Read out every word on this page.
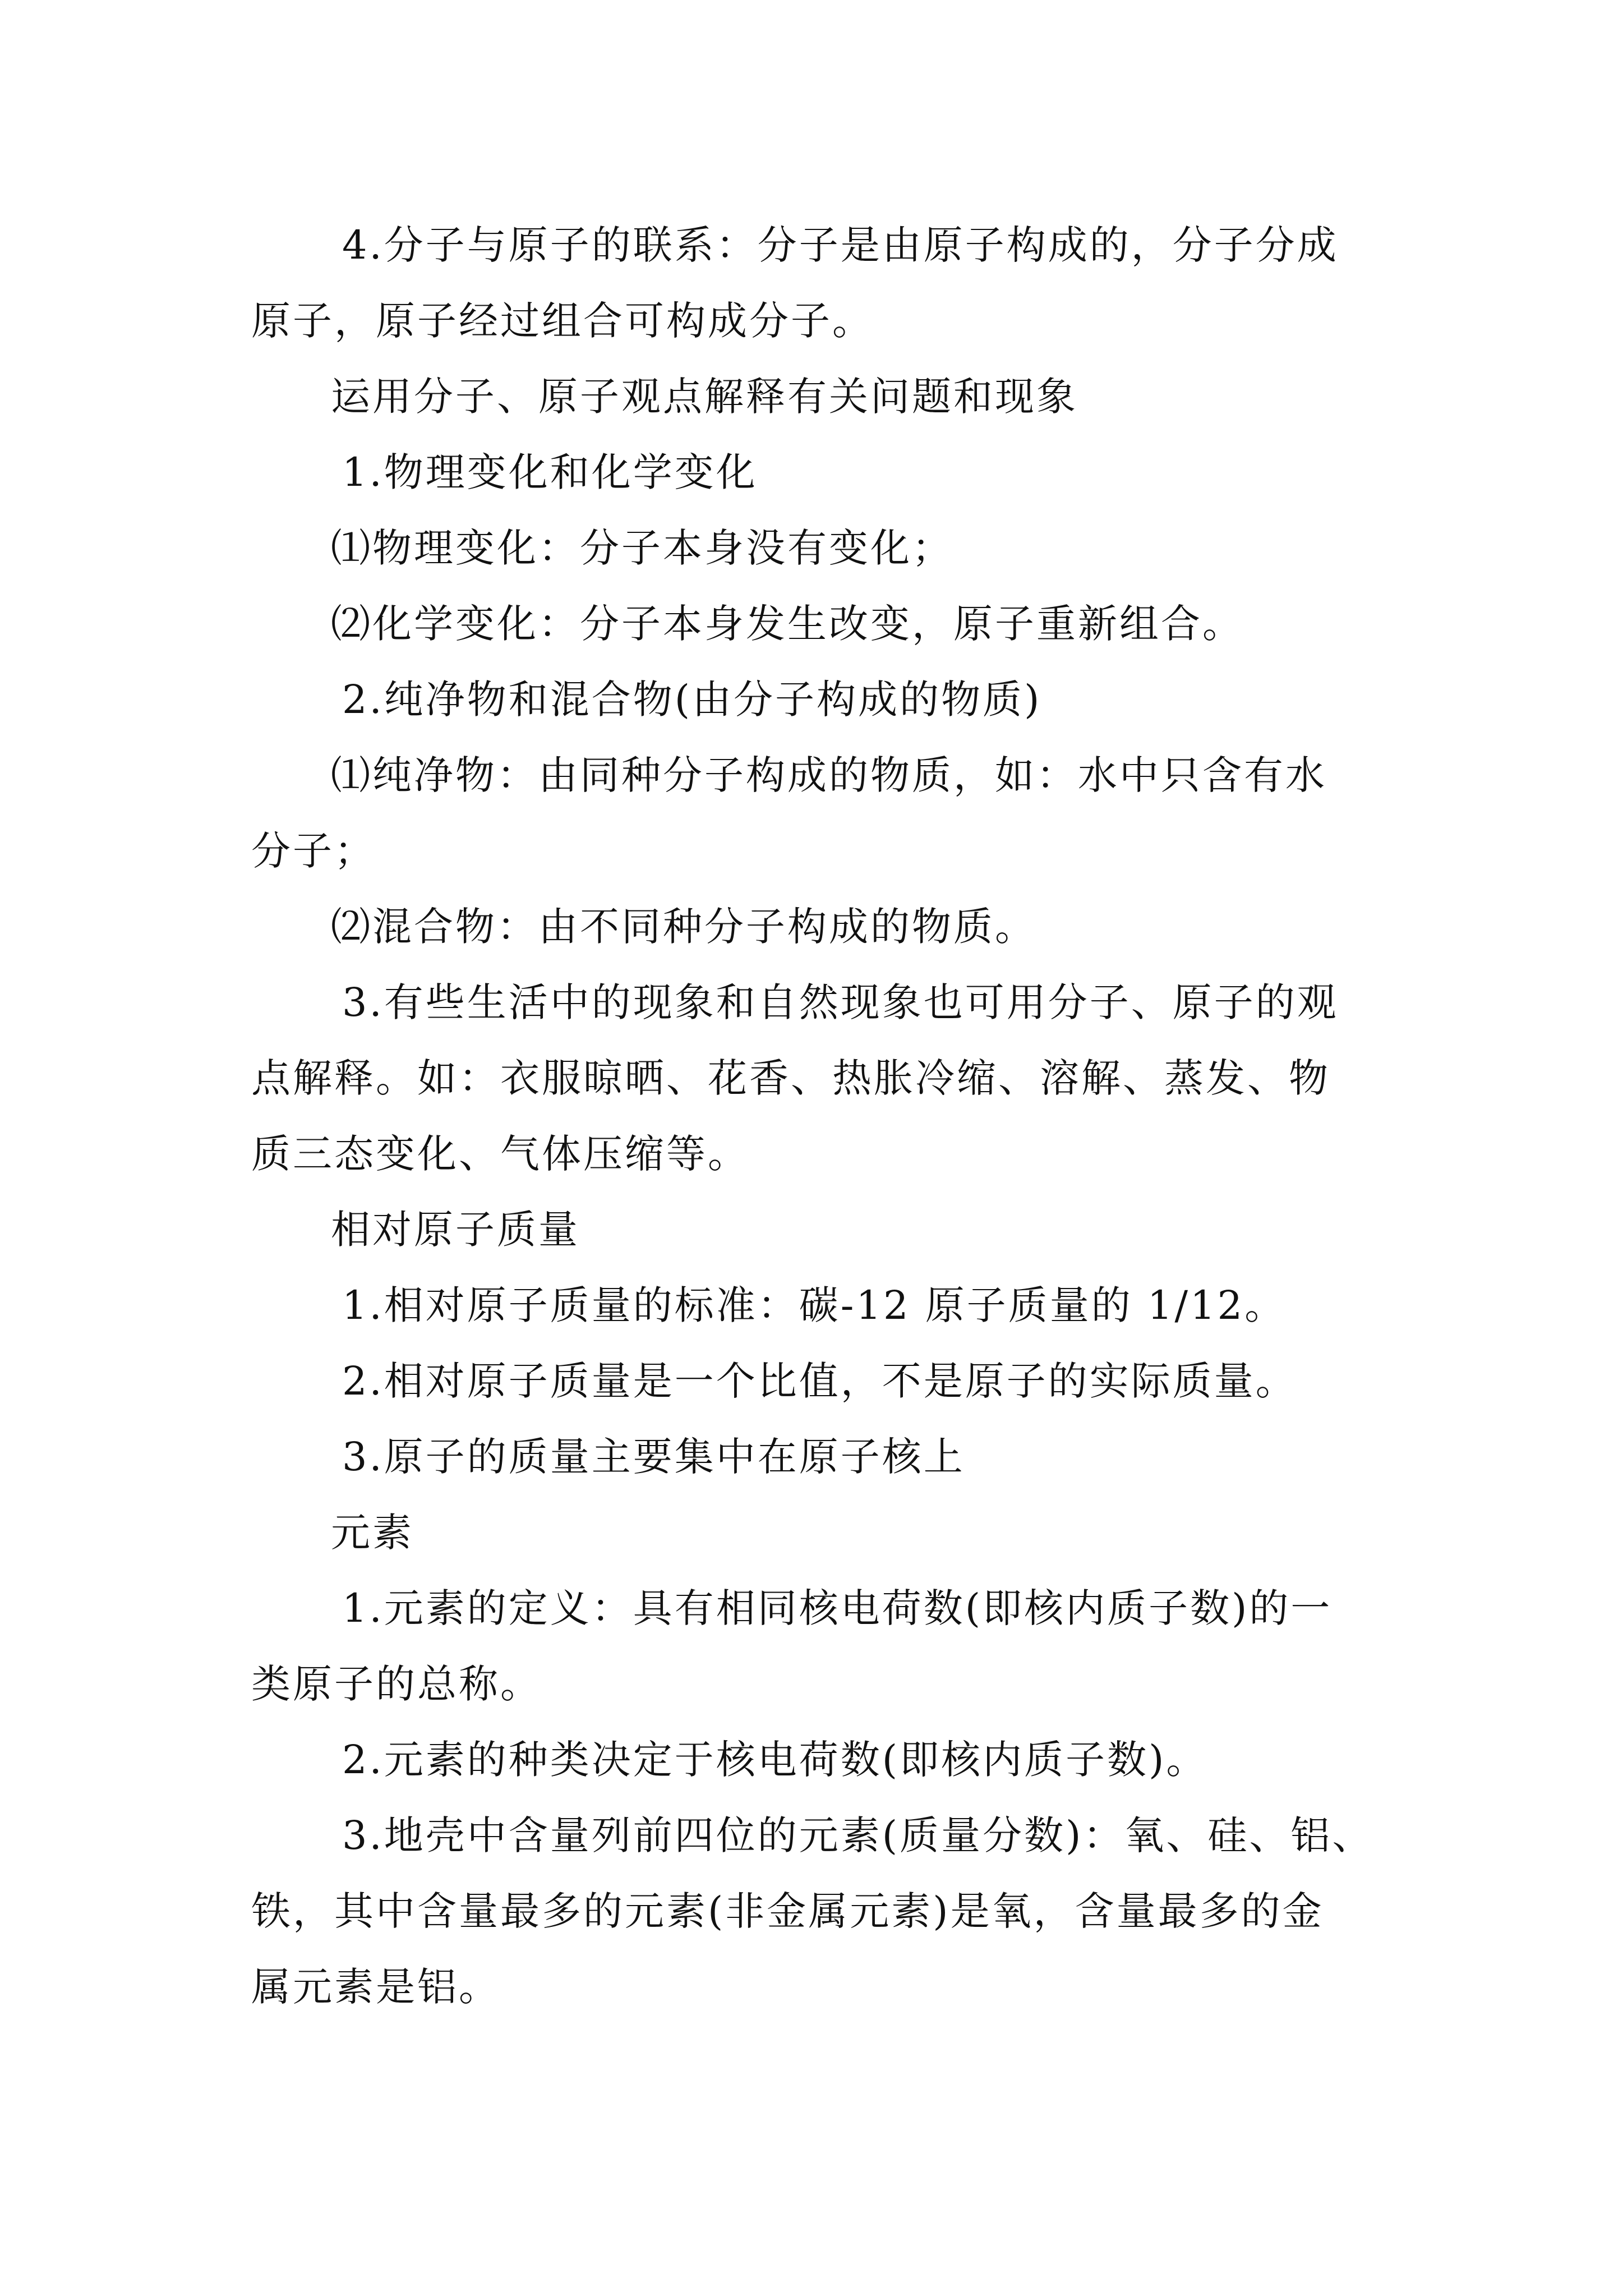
4.分子与原子的联系：分子是由原子构成的，分子分成
原子，原子经过组合可构成分子。
运用分子、原子观点解释有关问题和现象
1.物理变化和化学变化
⑴物理变化：分子本身没有变化；
⑵化学变化：分子本身发生改变，原子重新组合。
2.纯净物和混合物(由分子构成的物质)
⑴纯净物：由同种分子构成的物质，如：水中只含有水
分子；
⑵混合物：由不同种分子构成的物质。
3.有些生活中的现象和自然现象也可用分子、原子的观
点解释。如：衣服晾晒、花香、热胀冷缩、溶解、蒸发、物
质三态变化、气体压缩等。
相对原子质量
1.相对原子质量的标准：碳-12 原子质量的 1/12。
2.相对原子质量是一个比值，不是原子的实际质量。
3.原子的质量主要集中在原子核上
元素
1.元素的定义：具有相同核电荷数(即核内质子数)的一
类原子的总称。
2.元素的种类决定于核电荷数(即核内质子数)。
3.地壳中含量列前四位的元素(质量分数)：氧、硅、铝、
铁，其中含量最多的元素(非金属元素)是氧，含量最多的金
属元素是铝。
